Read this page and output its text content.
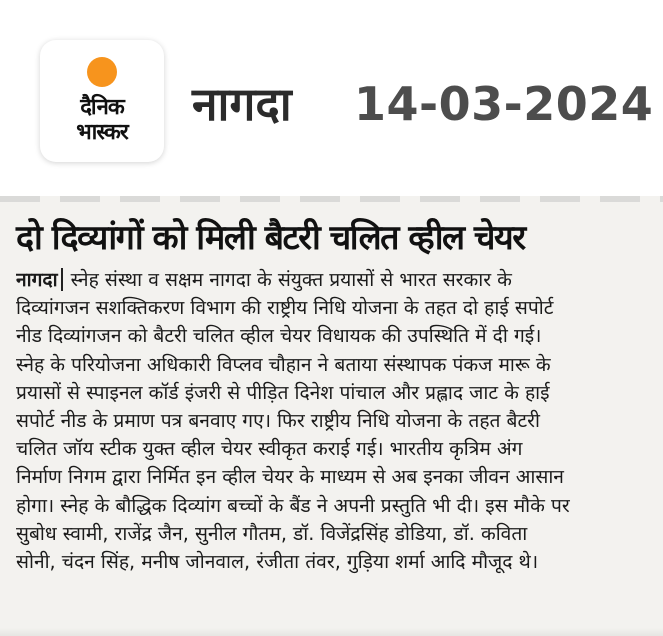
दैनिक
भास्कर
नागदा 14-03-2024
दो दिव्यांगों को मिली बैटरी चलित व्हील चेयर
नागदा स्नेह संस्था व सक्षम नागदा के संयुक्त प्रयासों से भारत सरकार के
दिव्यांगजन सशक्तिकरण विभाग की राष्ट्रीय निधि योजना के तहत दो हाई सपोर्ट
नीड दिव्यांगजन को बैटरी चलित व्हील चेयर विधायक की उपस्थिति में दी गई।
स्नेह के परियोजना अधिकारी विप्लव चौहान ने बताया संस्थापक पंकज मारू के
प्रयासों से स्पाइनल कॉर्ड इंजरी से पीड़ित दिनेश पांचाल और प्रह्लाद जाट के हाई
सपोर्ट नीड के प्रमाण पत्र बनवाए गए। फिर राष्ट्रीय निधि योजना के तहत बैटरी
चलित जॉय स्टीक युक्त व्हील चेयर स्वीकृत कराई गई। भारतीय कृत्रिम अंग
निर्माण निगम द्वारा निर्मित इन व्हील चेयर के माध्यम से अब इनका जीवन आसान
होगा। स्नेह के बौद्धिक दिव्यांग बच्चों के बैंड ने अपनी प्रस्तुति भी दी। इस मौके पर
सुबोध स्वामी, राजेंद्र जैन, सुनील गौतम, डॉ. विजेंद्रसिंह डोडिया, डॉ. कविता
सोनी, चंदन सिंह, मनीष जोनवाल, रंजीता तंवर, गुड़िया शर्मा आदि मौजूद थे।
